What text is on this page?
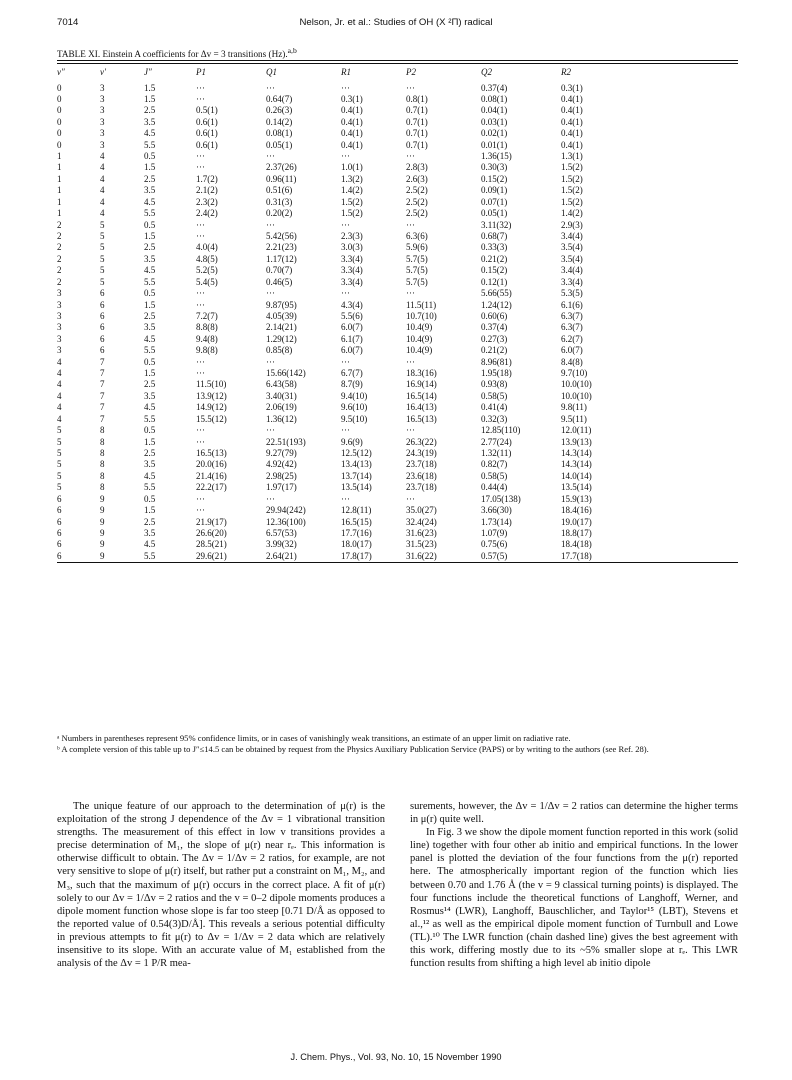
7014	Nelson, Jr. et al.: Studies of OH (X ²Π) radical
TABLE XI. Einstein A coefficients for Δv = 3 transitions (Hz).$^{a,b}$
v″	v′	J″	P1	Q1	R1	P2	Q2	R2	
0	3	1.5	···	···	···	···	0.37(4)	0.3(1)	
0	3	1.5	···	0.64(7)	0.3(1)	0.8(1)	0.08(1)	0.4(1)	
0	3	2.5	0.5(1)	0.26(3)	0.4(1)	0.7(1)	0.04(1)	0.4(1)	
0	3	3.5	0.6(1)	0.14(2)	0.4(1)	0.7(1)	0.03(1)	0.4(1)	
0	3	4.5	0.6(1)	0.08(1)	0.4(1)	0.7(1)	0.02(1)	0.4(1)	
0	3	5.5	0.6(1)	0.05(1)	0.4(1)	0.7(1)	0.01(1)	0.4(1)	
1	4	0.5	···	···	···	···	1.36(15)	1.3(1)	
1	4	1.5	···	2.37(26)	1.0(1)	2.8(3)	0.30(3)	1.5(2)	
1	4	2.5	1.7(2)	0.96(11)	1.3(2)	2.6(3)	0.15(2)	1.5(2)	
1	4	3.5	2.1(2)	0.51(6)	1.4(2)	2.5(2)	0.09(1)	1.5(2)	
1	4	4.5	2.3(2)	0.31(3)	1.5(2)	2.5(2)	0.07(1)	1.5(2)	
1	4	5.5	2.4(2)	0.20(2)	1.5(2)	2.5(2)	0.05(1)	1.4(2)	
2	5	0.5	···	···	···	···	3.11(32)	2.9(3)	
2	5	1.5	···	5.42(56)	2.3(3)	6.3(6)	0.68(7)	3.4(4)	
2	5	2.5	4.0(4)	2.21(23)	3.0(3)	5.9(6)	0.33(3)	3.5(4)	
2	5	3.5	4.8(5)	1.17(12)	3.3(4)	5.7(5)	0.21(2)	3.5(4)	
2	5	4.5	5.2(5)	0.70(7)	3.3(4)	5.7(5)	0.15(2)	3.4(4)	
2	5	5.5	5.4(5)	0.46(5)	3.3(4)	5.7(5)	0.12(1)	3.3(4)	
3	6	0.5	···	···	···	···	5.66(55)	5.3(5)	
3	6	1.5	···	9.87(95)	4.3(4)	11.5(11)	1.24(12)	6.1(6)	
3	6	2.5	7.2(7)	4.05(39)	5.5(6)	10.7(10)	0.60(6)	6.3(7)	
3	6	3.5	8.8(8)	2.14(21)	6.0(7)	10.4(9)	0.37(4)	6.3(7)	
3	6	4.5	9.4(8)	1.29(12)	6.1(7)	10.4(9)	0.27(3)	6.2(7)	
3	6	5.5	9.8(8)	0.85(8)	6.0(7)	10.4(9)	0.21(2)	6.0(7)	
4	7	0.5	···	···	···	···	8.96(81)	8.4(8)	
4	7	1.5	···	15.66(142)	6.7(7)	18.3(16)	1.95(18)	9.7(10)	
4	7	2.5	11.5(10)	6.43(58)	8.7(9)	16.9(14)	0.93(8)	10.0(10)	
4	7	3.5	13.9(12)	3.40(31)	9.4(10)	16.5(14)	0.58(5)	10.0(10)	
4	7	4.5	14.9(12)	2.06(19)	9.6(10)	16.4(13)	0.41(4)	9.8(11)	
4	7	5.5	15.5(12)	1.36(12)	9.5(10)	16.5(13)	0.32(3)	9.5(11)	
5	8	0.5	···	···	···	···	12.85(110)	12.0(11)	
5	8	1.5	···	22.51(193)	9.6(9)	26.3(22)	2.77(24)	13.9(13)	
5	8	2.5	16.5(13)	9.27(79)	12.5(12)	24.3(19)	1.32(11)	14.3(14)	
5	8	3.5	20.0(16)	4.92(42)	13.4(13)	23.7(18)	0.82(7)	14.3(14)	
5	8	4.5	21.4(16)	2.98(25)	13.7(14)	23.6(18)	0.58(5)	14.0(14)	
5	8	5.5	22.2(17)	1.97(17)	13.5(14)	23.7(18)	0.44(4)	13.5(14)	
6	9	0.5	···	···	···	···	17.05(138)	15.9(13)	
6	9	1.5	···	29.94(242)	12.8(11)	35.0(27)	3.66(30)	18.4(16)	
6	9	2.5	21.9(17)	12.36(100)	16.5(15)	32.4(24)	1.73(14)	19.0(17)	
6	9	3.5	26.6(20)	6.57(53)	17.7(16)	31.6(23)	1.07(9)	18.8(17)	
6	9	4.5	28.5(21)	3.99(32)	18.0(17)	31.5(23)	0.75(6)	18.4(18)	
6	9	5.5	29.6(21)	2.64(21)	17.8(17)	31.6(22)	0.57(5)	17.7(18)	

ᵃ Numbers in parentheses represent 95% confidence limits, or in cases of vanishingly weak transitions, an estimate of an upper limit on radiative rate.

ᵇ A complete version of this table up to J″≤14.5 can be obtained by request from the Physics Auxiliary Publication Service (PAPS) or by writing to the authors (see Ref. 28).

The unique feature of our approach to the determination of μ(r) is the exploitation of the strong J dependence of the Δv = 1 vibrational transition strengths. The measurement of this effect in low v transitions provides a precise determination of M₁, the slope of μ(r) near rₑ. This information is otherwise difficult to obtain. The Δv = 1/Δv = 2 ratios, for example, are not very sensitive to slope of μ(r) itself, but rather put a constraint on M₁, M₂, and M₃, such that the maximum of μ(r) occurs in the correct place. A fit of μ(r) solely to our Δv = 1/Δv = 2 ratios and the v = 0–2 dipole moments produces a dipole moment function whose slope is far too steep [0.71 D/Å as opposed to the reported value of 0.54(3)D/Å]. This reveals a serious potential difficulty in previous attempts to fit μ(r) to Δv = 1/Δv = 2 data which are relatively insensitive to its slope. With an accurate value of M₁ established from the analysis of the Δv = 1 P/R mea-

surements, however, the Δv = 1/Δv = 2 ratios can determine the higher terms in μ(r) quite well.

In Fig. 3 we show the dipole moment function reported in this work (solid line) together with four other ab initio and empirical functions. In the lower panel is plotted the deviation of the four functions from the μ(r) reported here. The atmospherically important region of the function which lies between 0.70 and 1.76 Å (the v = 9 classical turning points) is displayed. The four functions include the theoretical functions of Langhoff, Werner, and Rosmus¹⁴ (LWR), Langhoff, Bauschlicher, and Taylor¹⁵ (LBT), Stevens et al.,¹² as well as the empirical dipole moment function of Turnbull and Lowe (TL).¹⁰ The LWR function (chain dashed line) gives the best agreement with this work, differing mostly due to its ~5% smaller slope at rₑ. This LWR function results from shifting a high level ab initio dipole

J. Chem. Phys., Vol. 93, No. 10, 15 November 1990
